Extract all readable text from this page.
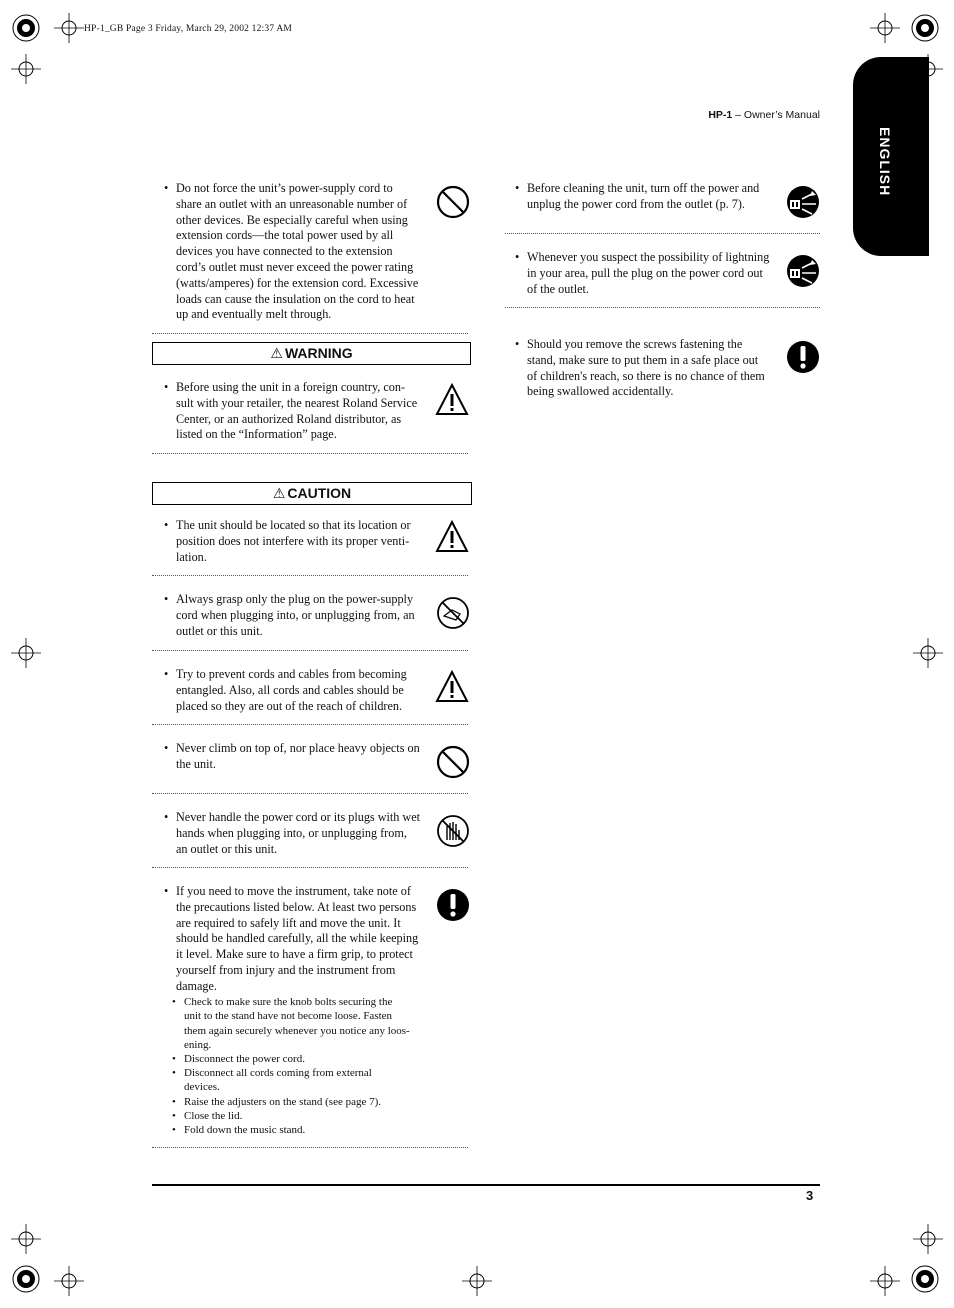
HP-1_GB Page 3 Friday, March 29, 2002 12:37 AM
HP-1 – Owner’s Manual
ENGLISH
• Do not force the unit’s power-supply cord to
share an outlet with an unreasonable number of
other devices. Be especially careful when using
extension cords—the total power used by all
devices you have connected to the extension
cord’s outlet must never exceed the power rating
(watts/amperes) for the extension cord. Excessive
loads can cause the insulation on the cord to heat
up and eventually melt through.
⚠ WARNING
• Before using the unit in a foreign country, con-
sult with your retailer, the nearest Roland Service
Center, or an authorized Roland distributor, as
listed on the “Information” page.
⚠ CAUTION
• The unit should be located so that its location or
position does not interfere with its proper venti-
lation.
• Always grasp only the plug on the power-supply
cord when plugging into, or unplugging from, an
outlet or this unit.
• Try to prevent cords and cables from becoming
entangled. Also, all cords and cables should be
placed so they are out of the reach of children.
• Never climb on top of, nor place heavy objects on
the unit.
• Never handle the power cord or its plugs with wet
hands when plugging into, or unplugging from,
an outlet or this unit.
• If you need to move the instrument, take note of
the precautions listed below. At least two persons
are required to safely lift and move the unit. It
should be handled carefully, all the while keeping
it level. Make sure to have a firm grip, to protect
yourself from injury and the instrument from
damage.
• Check to make sure the knob bolts securing the
unit to the stand have not become loose. Fasten
them again securely whenever you notice any loos-
ening.
• Disconnect the power cord.
• Disconnect all cords coming from external
devices.
• Raise the adjusters on the stand (see page 7).
• Close the lid.
• Fold down the music stand.
• Before cleaning the unit, turn off the power and
unplug the power cord from the outlet (p. 7).
• Whenever you suspect the possibility of lightning
in your area, pull the plug on the power cord out
of the outlet.
• Should you remove the screws fastening the
stand, make sure to put them in a safe place out
of children's reach, so there is no chance of them
being swallowed accidentally.
3
